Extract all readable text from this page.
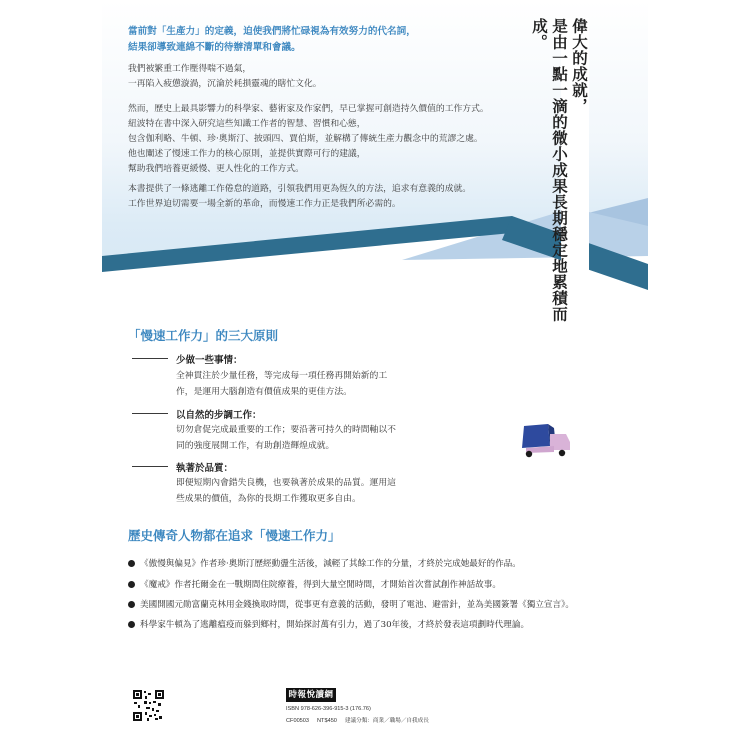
當前對「生產力」的定義，迫使我們將忙碌視為有效努力的代名詞，
結果卻導致連綿不斷的待辦清單和會議。
我們被繁重工作壓得喘不過氣，
一再陷入疲憊漩渦，沉淪於耗損靈魂的瞎忙文化。
然而，歷史上最具影響力的科學家、藝術家及作家們，早已掌握可創造持久價值的工作方式。
紐波特在書中深入研究這些知識工作者的智慧、習慣和心態，
包含伽利略、牛頓、珍·奧斯汀、披頭四、賈伯斯，並解構了傳統生產力觀念中的荒謬之處。
他也闡述了慢速工作力的核心原則，並提供實際可行的建議，
幫助我們培養更緩慢、更人性化的工作方式。
本書提供了一條逃離工作倦怠的道路，引領我們用更為恆久的方法，追求有意義的成就。
工作世界迫切需要一場全新的革命，而慢速工作力正是我們所必需的。
偉大的成就，
是由一點一滴的微小成果長期穩定地累積而成。
「慢速工作力」的三大原則
少做一些事情：
全神貫注於少量任務，等完成每一項任務再開始新的工
作，是運用大腦創造有價值成果的更佳方法。
以自然的步調工作：
切勿倉促完成最重要的工作；要沿著可持久的時間軸以不
同的強度展開工作，有助創造輝煌成就。
執著於品質：
即便短期內會錯失良機，也要執著於成果的品質。運用這
些成果的價值，為你的長期工作獲取更多自由。
歷史傳奇人物都在追求「慢速工作力」
《傲慢與偏見》作者珍·奧斯汀歷經動盪生活後，減輕了其餘工作的分量，才終於完成她最好的作品。
《魔戒》作者托爾金在一戰期間住院療養，得到大量空閒時間，才開始首次嘗試創作神話故事。
美國開國元勛富蘭克林用金錢換取時間，從事更有意義的活動，發明了電池、避雷針，並為美國簽署《獨立宣言》。
科學家牛頓為了逃離瘟疫而躲到鄉村，開始探討萬有引力，過了30年後，才終於發表這項劃時代理論。
時報悅讀網
ISBN 978-626-396-915-3 (176.76)
CF00503 NT$450 建議分類：商業／職場／自我成長
